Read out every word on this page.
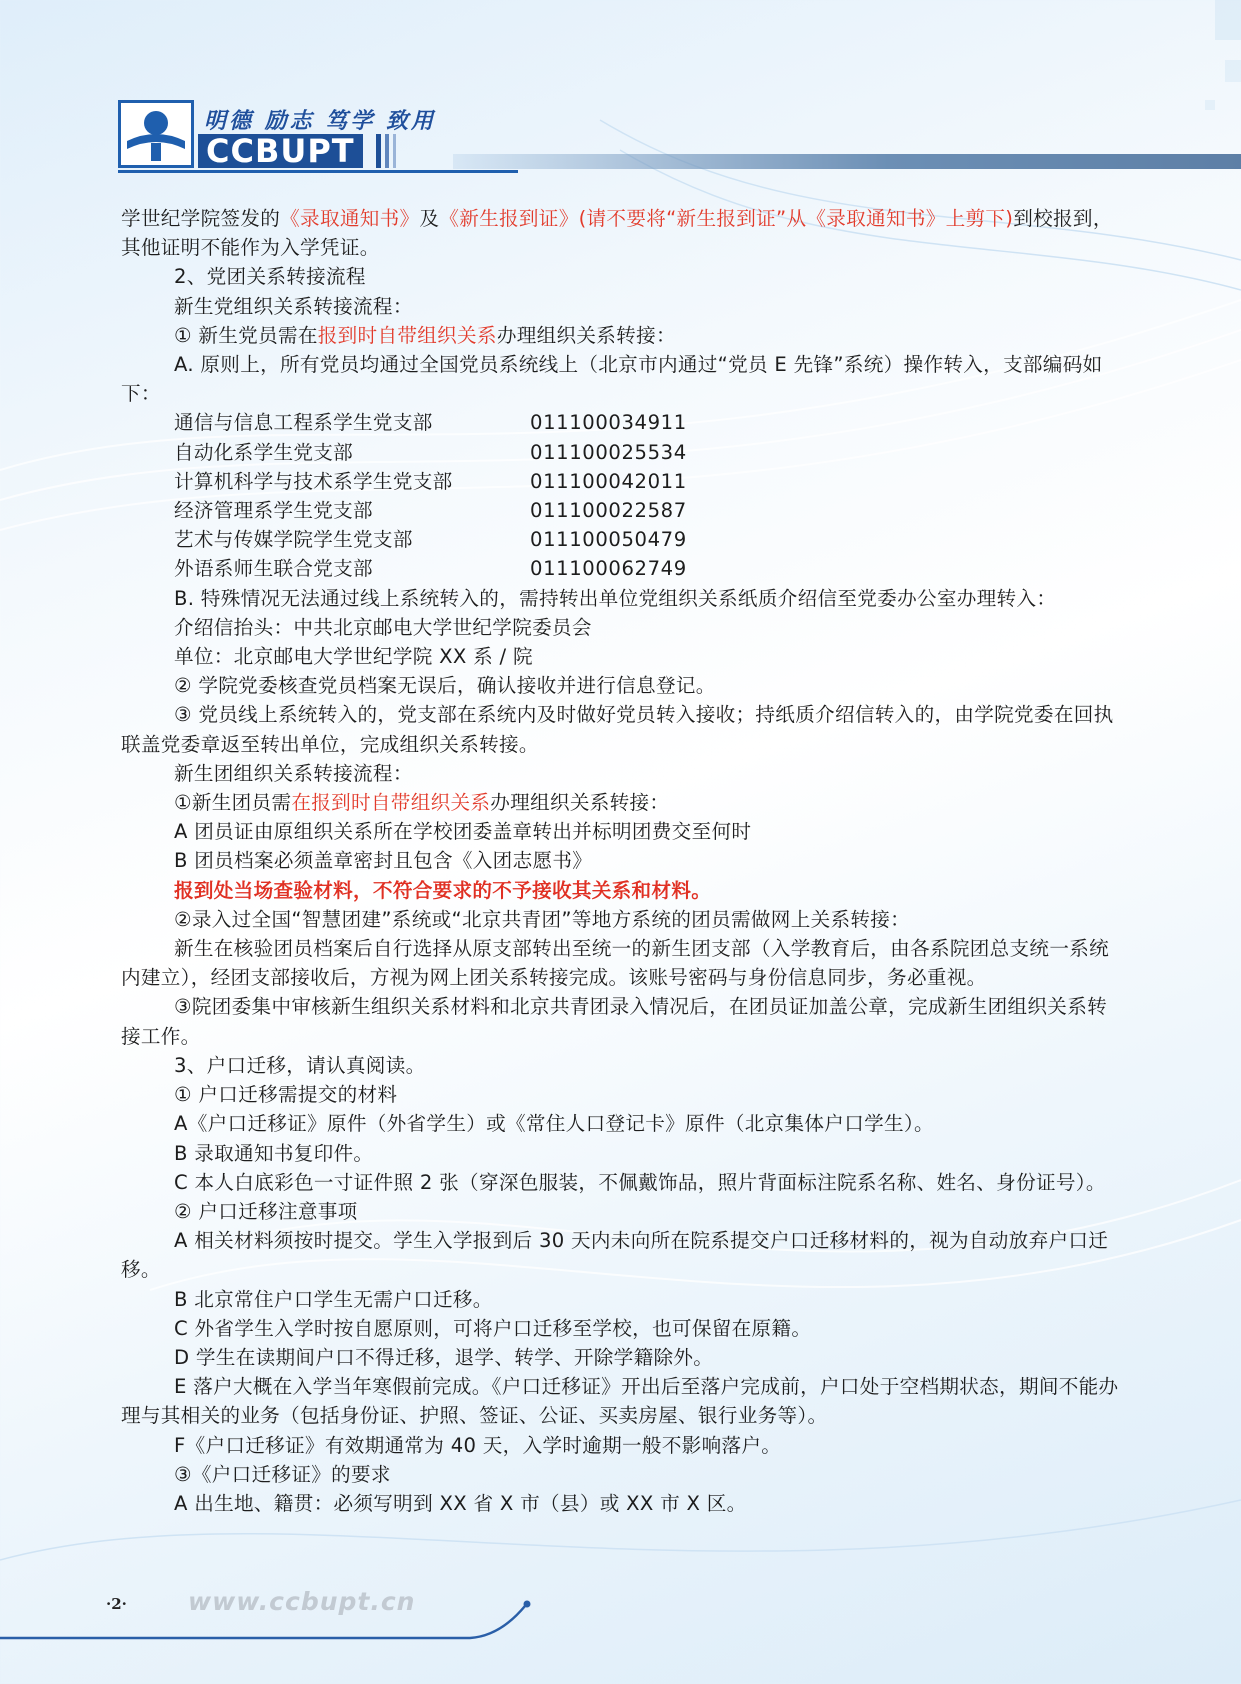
明德 励志 笃学 致用
CCBUPT

学世纪学院签发的《录取通知书》及《新生报到证》(请不要将“新生报到证”从《录取通知书》上剪下)到校报到，其他证明不能作为入学凭证。

2、党团关系转接流程

新生党组织关系转接流程：

① 新生党员需在报到时自带组织关系办理组织关系转接：

A. 原则上，所有党员均通过全国党员系统线上（北京市内通过“党员 E 先锋”系统）操作转入，支部编码如下：

通信与信息工程系学生党支部	011100034911
自动化系学生党支部	011100025534
计算机科学与技术系学生党支部	011100042011
经济管理系学生党支部	011100022587
艺术与传媒学院学生党支部	011100050479
外语系师生联合党支部	011100062749

B. 特殊情况无法通过线上系统转入的，需持转出单位党组织关系纸质介绍信至党委办公室办理转入：

介绍信抬头：中共北京邮电大学世纪学院委员会

单位：北京邮电大学世纪学院 XX 系 / 院

② 学院党委核查党员档案无误后，确认接收并进行信息登记。

③ 党员线上系统转入的，党支部在系统内及时做好党员转入接收；持纸质介绍信转入的，由学院党委在回执联盖党委章返至转出单位，完成组织关系转接。

新生团组织关系转接流程：

①新生团员需在报到时自带组织关系办理组织关系转接：

A 团员证由原组织关系所在学校团委盖章转出并标明团费交至何时

B 团员档案必须盖章密封且包含《入团志愿书》

报到处当场查验材料，不符合要求的不予接收其关系和材料。

②录入过全国“智慧团建”系统或“北京共青团”等地方系统的团员需做网上关系转接：

新生在核验团员档案后自行选择从原支部转出至统一的新生团支部（入学教育后，由各系院团总支统一系统内建立），经团支部接收后，方视为网上团关系转接完成。该账号密码与身份信息同步，务必重视。

③院团委集中审核新生组织关系材料和北京共青团录入情况后，在团员证加盖公章，完成新生团组织关系转接工作。

3、户口迁移，请认真阅读。

① 户口迁移需提交的材料

A《户口迁移证》原件（外省学生）或《常住人口登记卡》原件（北京集体户口学生）。

B 录取通知书复印件。

C 本人白底彩色一寸证件照 2 张（穿深色服装，不佩戴饰品，照片背面标注院系名称、姓名、身份证号）。

② 户口迁移注意事项

A 相关材料须按时提交。学生入学报到后 30 天内未向所在院系提交户口迁移材料的，视为自动放弃户口迁移。

B 北京常住户口学生无需户口迁移。

C 外省学生入学时按自愿原则，可将户口迁移至学校，也可保留在原籍。

D 学生在读期间户口不得迁移，退学、转学、开除学籍除外。

E 落户大概在入学当年寒假前完成。《户口迁移证》开出后至落户完成前，户口处于空档期状态，期间不能办理与其相关的业务（包括身份证、护照、签证、公证、买卖房屋、银行业务等）。

F《户口迁移证》有效期通常为 40 天，入学时逾期一般不影响落户。

③《户口迁移证》的要求

A 出生地、籍贯：必须写明到 XX 省 X 市（县）或 XX 市 X 区。

·2· www.ccbupt.cn
